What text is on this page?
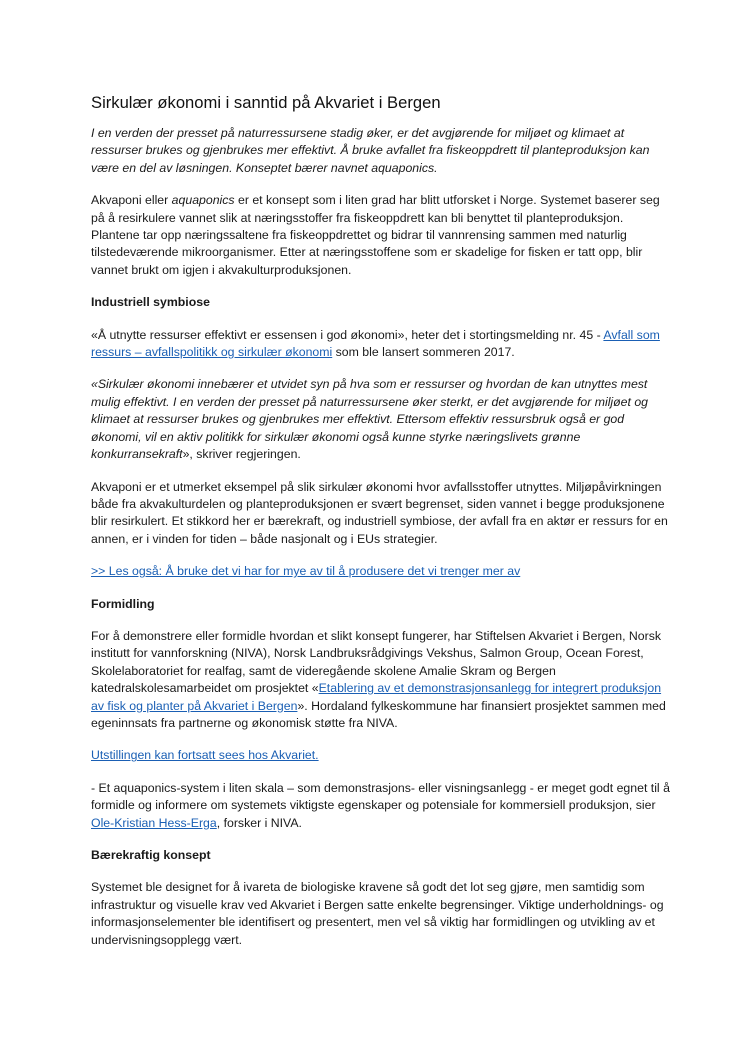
Sirkulær økonomi i sanntid på Akvariet i Bergen

I en verden der presset på naturressursene stadig øker, er det avgjørende for miljøet og klimaet at ressurser brukes og gjenbrukes mer effektivt. Å bruke avfallet fra fiskeoppdrett til planteproduksjon kan være en del av løsningen. Konseptet bærer navnet aquaponics.

Akvaponi eller aquaponics er et konsept som i liten grad har blitt utforsket i Norge. Systemet baserer seg på å resirkulere vannet slik at næringsstoffer fra fiskeoppdrett kan bli benyttet til planteproduksjon. Plantene tar opp næringssaltene fra fiskeoppdrettet og bidrar til vannrensing sammen med naturlig tilstedeværende mikroorganismer. Etter at næringsstoffene som er skadelige for fisken er tatt opp, blir vannet brukt om igjen i akvakulturproduksjonen.

Industriell symbiose

«Å utnytte ressurser effektivt er essensen i god økonomi», heter det i stortingsmelding nr. 45 - Avfall som ressurs – avfallspolitikk og sirkulær økonomi som ble lansert sommeren 2017.

«Sirkulær økonomi innebærer et utvidet syn på hva som er ressurser og hvordan de kan utnyttes mest mulig effektivt. I en verden der presset på naturressursene øker sterkt, er det avgjørende for miljøet og klimaet at ressurser brukes og gjenbrukes mer effektivt. Ettersom effektiv ressursbruk også er god økonomi, vil en aktiv politikk for sirkulær økonomi også kunne styrke næringslivets grønne konkurransekraft», skriver regjeringen.

Akvaponi er et utmerket eksempel på slik sirkulær økonomi hvor avfallsstoffer utnyttes. Miljøpåvirkningen både fra akvakulturdelen og planteproduksjonen er svært begrenset, siden vannet i begge produksjonene blir resirkulert. Et stikkord her er bærekraft, og industriell symbiose, der avfall fra en aktør er ressurs for en annen, er i vinden for tiden – både nasjonalt og i EUs strategier.

>> Les også: Å bruke det vi har for mye av til å produsere det vi trenger mer av

Formidling

For å demonstrere eller formidle hvordan et slikt konsept fungerer, har Stiftelsen Akvariet i Bergen, Norsk institutt for vannforskning (NIVA), Norsk Landbruksrådgivings Vekshus, Salmon Group, Ocean Forest, Skolelaboratoriet for realfag, samt de videregående skolene Amalie Skram og Bergen katedralskolesamarbeidet om prosjektet «Etablering av et demonstrasjonsanlegg for integrert produksjon av fisk og planter på Akvariet i Bergen». Hordaland fylkeskommune har finansiert prosjektet sammen med egeninnsats fra partnerne og økonomisk støtte fra NIVA.

Utstillingen kan fortsatt sees hos Akvariet.

- Et aquaponics-system i liten skala – som demonstrasjons- eller visningsanlegg - er meget godt egnet til å formidle og informere om systemets viktigste egenskaper og potensiale for kommersiell produksjon, sier Ole-Kristian Hess-Erga, forsker i NIVA.

Bærekraftig konsept

Systemet ble designet for å ivareta de biologiske kravene så godt det lot seg gjøre, men samtidig som infrastruktur og visuelle krav ved Akvariet i Bergen satte enkelte begrensinger. Viktige underholdnings- og informasjonselementer ble identifisert og presentert, men vel så viktig har formidlingen og utvikling av et undervisningsopplegg vært.
